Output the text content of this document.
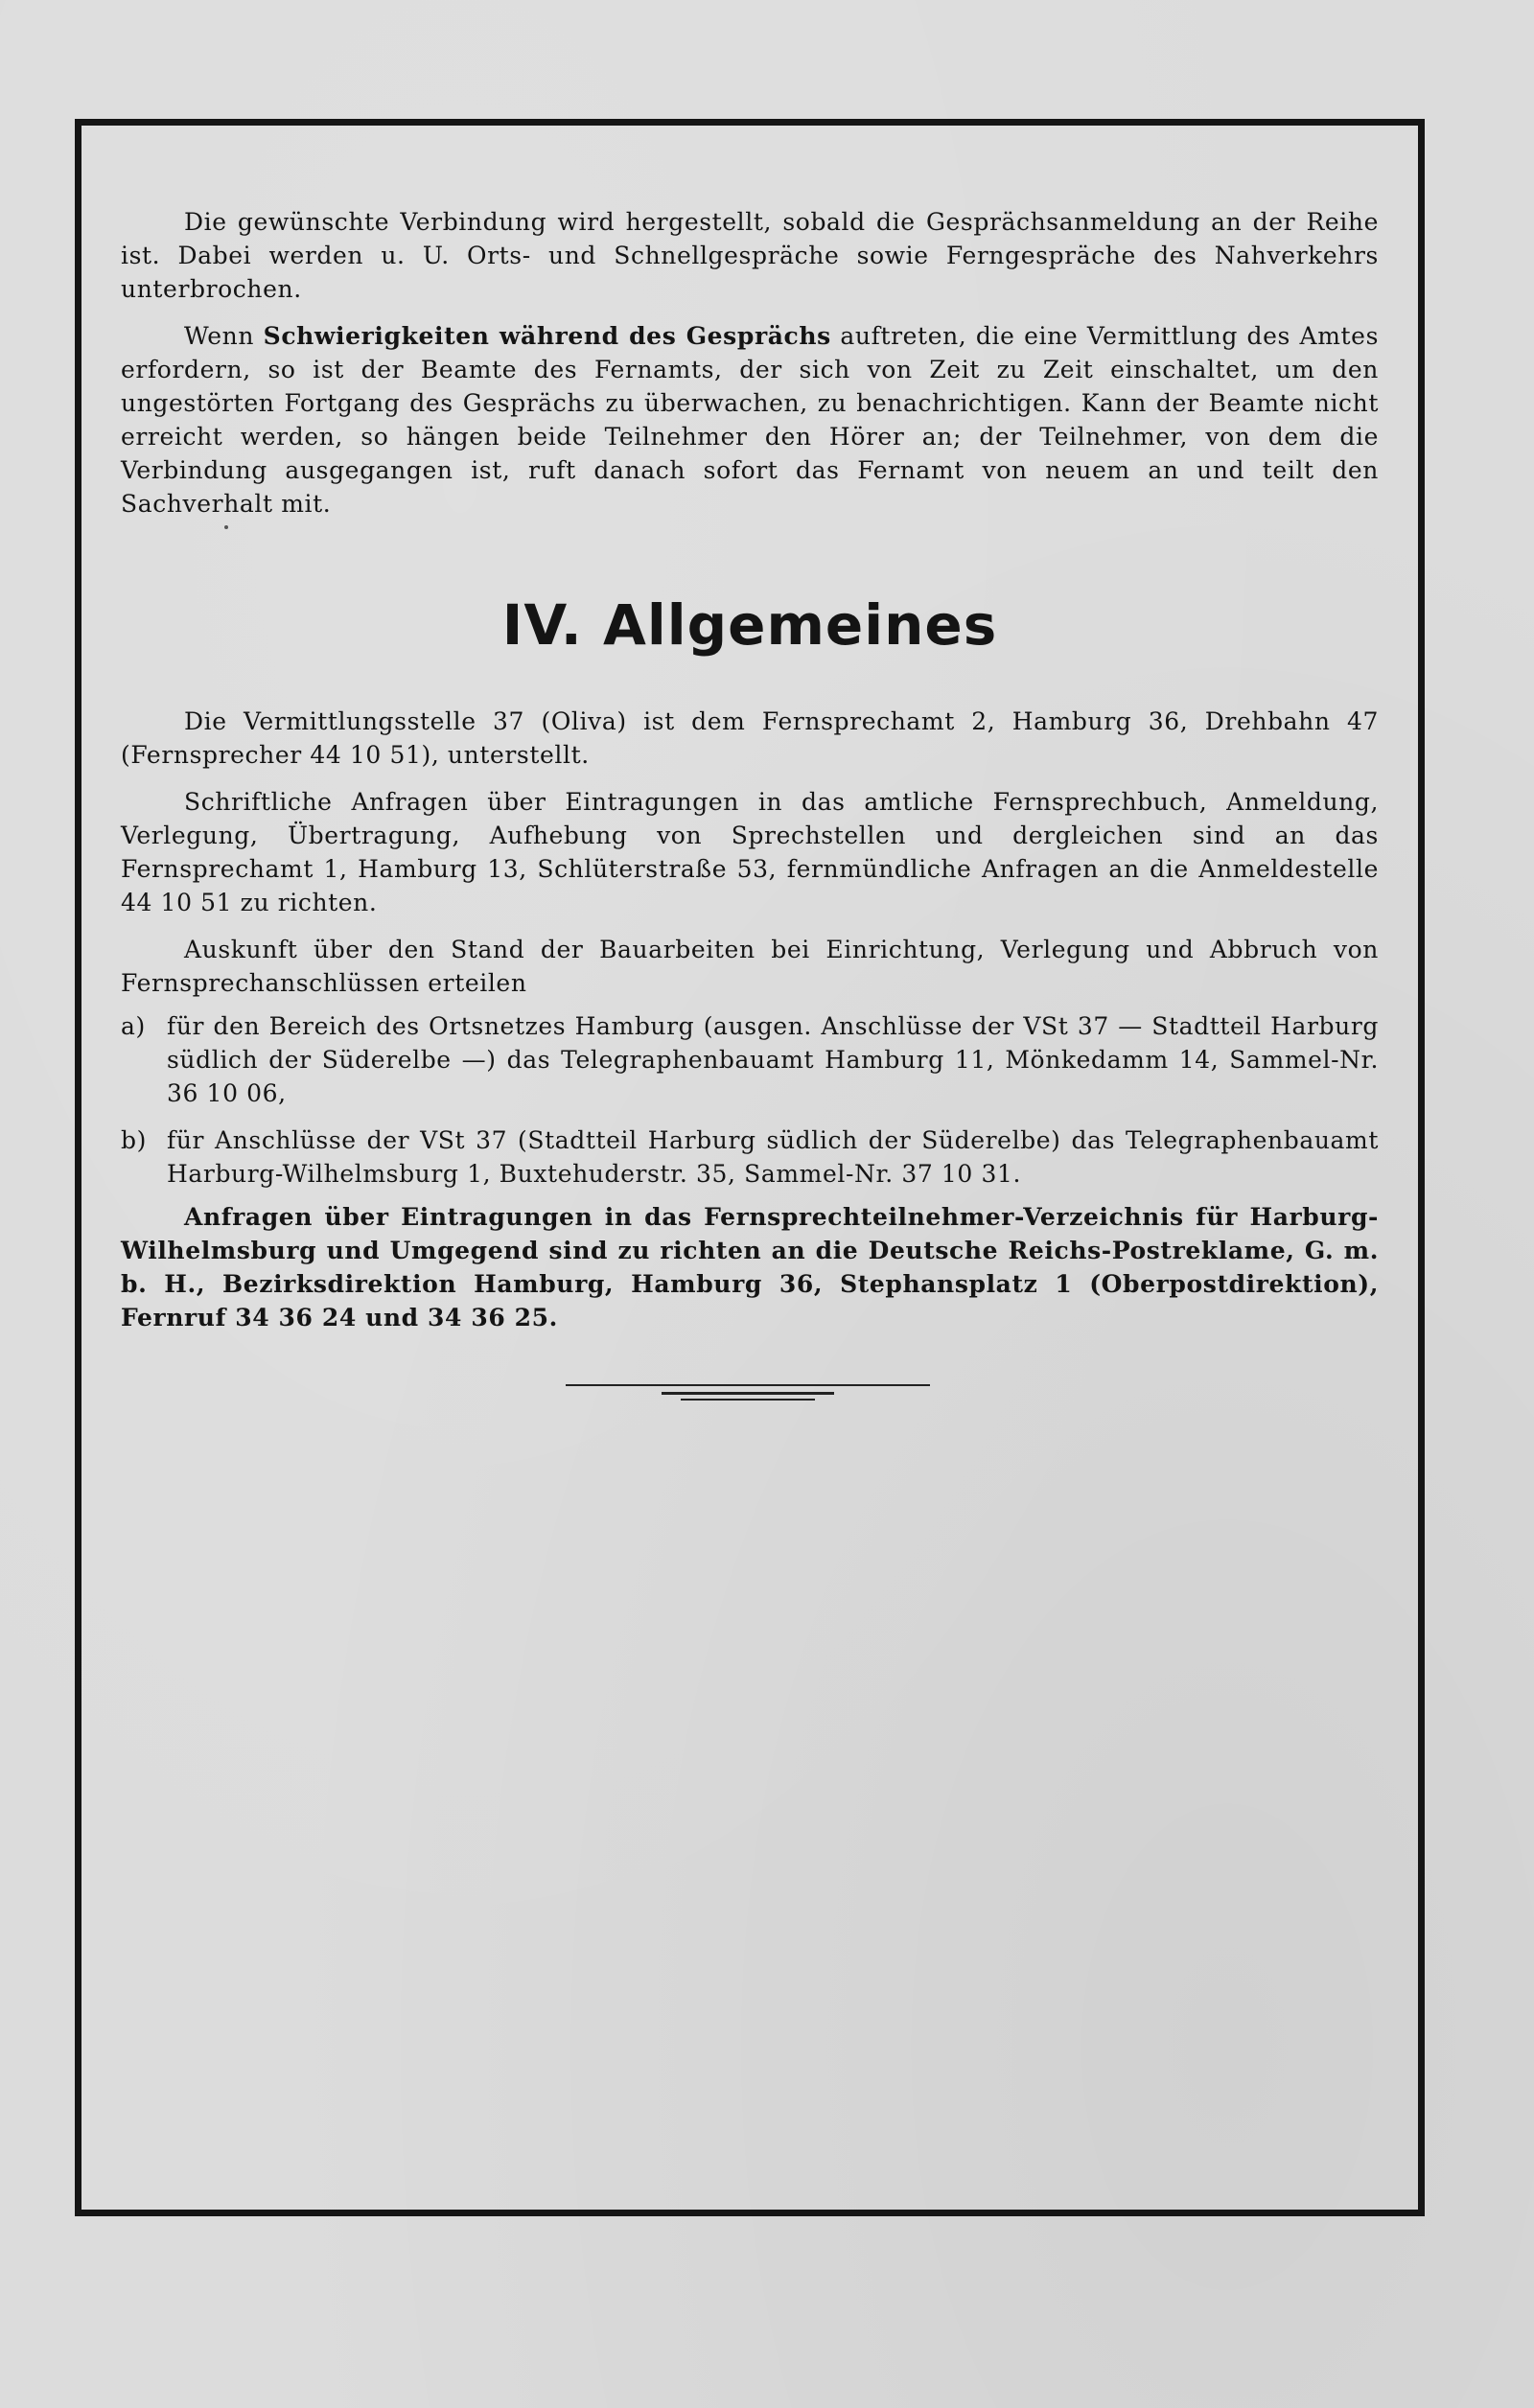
Die gewünschte Verbindung wird hergestellt, sobald die Gesprächsanmeldung an der Reihe ist. Dabei werden u. U. Orts- und Schnellgespräche sowie Ferngespräche des Nahverkehrs unterbrochen.

Wenn Schwierigkeiten während des Gesprächs auftreten, die eine Vermittlung des Amtes erfordern, so ist der Beamte des Fernamts, der sich von Zeit zu Zeit einschaltet, um den ungestörten Fortgang des Gesprächs zu überwachen, zu benachrichtigen. Kann der Beamte nicht erreicht werden, so hängen beide Teilnehmer den Hörer an; der Teilnehmer, von dem die Verbindung ausgegangen ist, ruft danach sofort das Fernamt von neuem an und teilt den Sachverhalt mit.

IV. Allgemeines

Die Vermittlungsstelle 37 (Oliva) ist dem Fernsprechamt 2, Hamburg 36, Drehbahn 47 (Fernsprecher 44 10 51), unterstellt.

Schriftliche Anfragen über Eintragungen in das amtliche Fernsprechbuch, Anmeldung, Verlegung, Übertragung, Aufhebung von Sprechstellen und dergleichen sind an das Fernsprechamt 1, Hamburg 13, Schlüterstraße 53, fernmündliche Anfragen an die Anmeldestelle 44 10 51 zu richten.

Auskunft über den Stand der Bauarbeiten bei Einrichtung, Verlegung und Abbruch von Fernsprechanschlüssen erteilen

a) für den Bereich des Ortsnetzes Hamburg (ausgen. Anschlüsse der VSt 37 — Stadtteil Harburg südlich der Süderelbe —) das Telegraphenbauamt Hamburg 11, Mönkedamm 14, Sammel-Nr. 36 10 06,

b) für Anschlüsse der VSt 37 (Stadtteil Harburg südlich der Süderelbe) das Telegraphenbauamt Harburg-Wilhelmsburg 1, Buxtehuderstr. 35, Sammel-Nr. 37 10 31.

Anfragen über Eintragungen in das Fernsprechteilnehmer-Verzeichnis für Harburg-Wilhelmsburg und Umgegend sind zu richten an die Deutsche Reichs-Postreklame, G. m. b. H., Bezirksdirektion Hamburg, Hamburg 36, Stephansplatz 1 (Oberpostdirektion), Fernruf 34 36 24 und 34 36 25.
